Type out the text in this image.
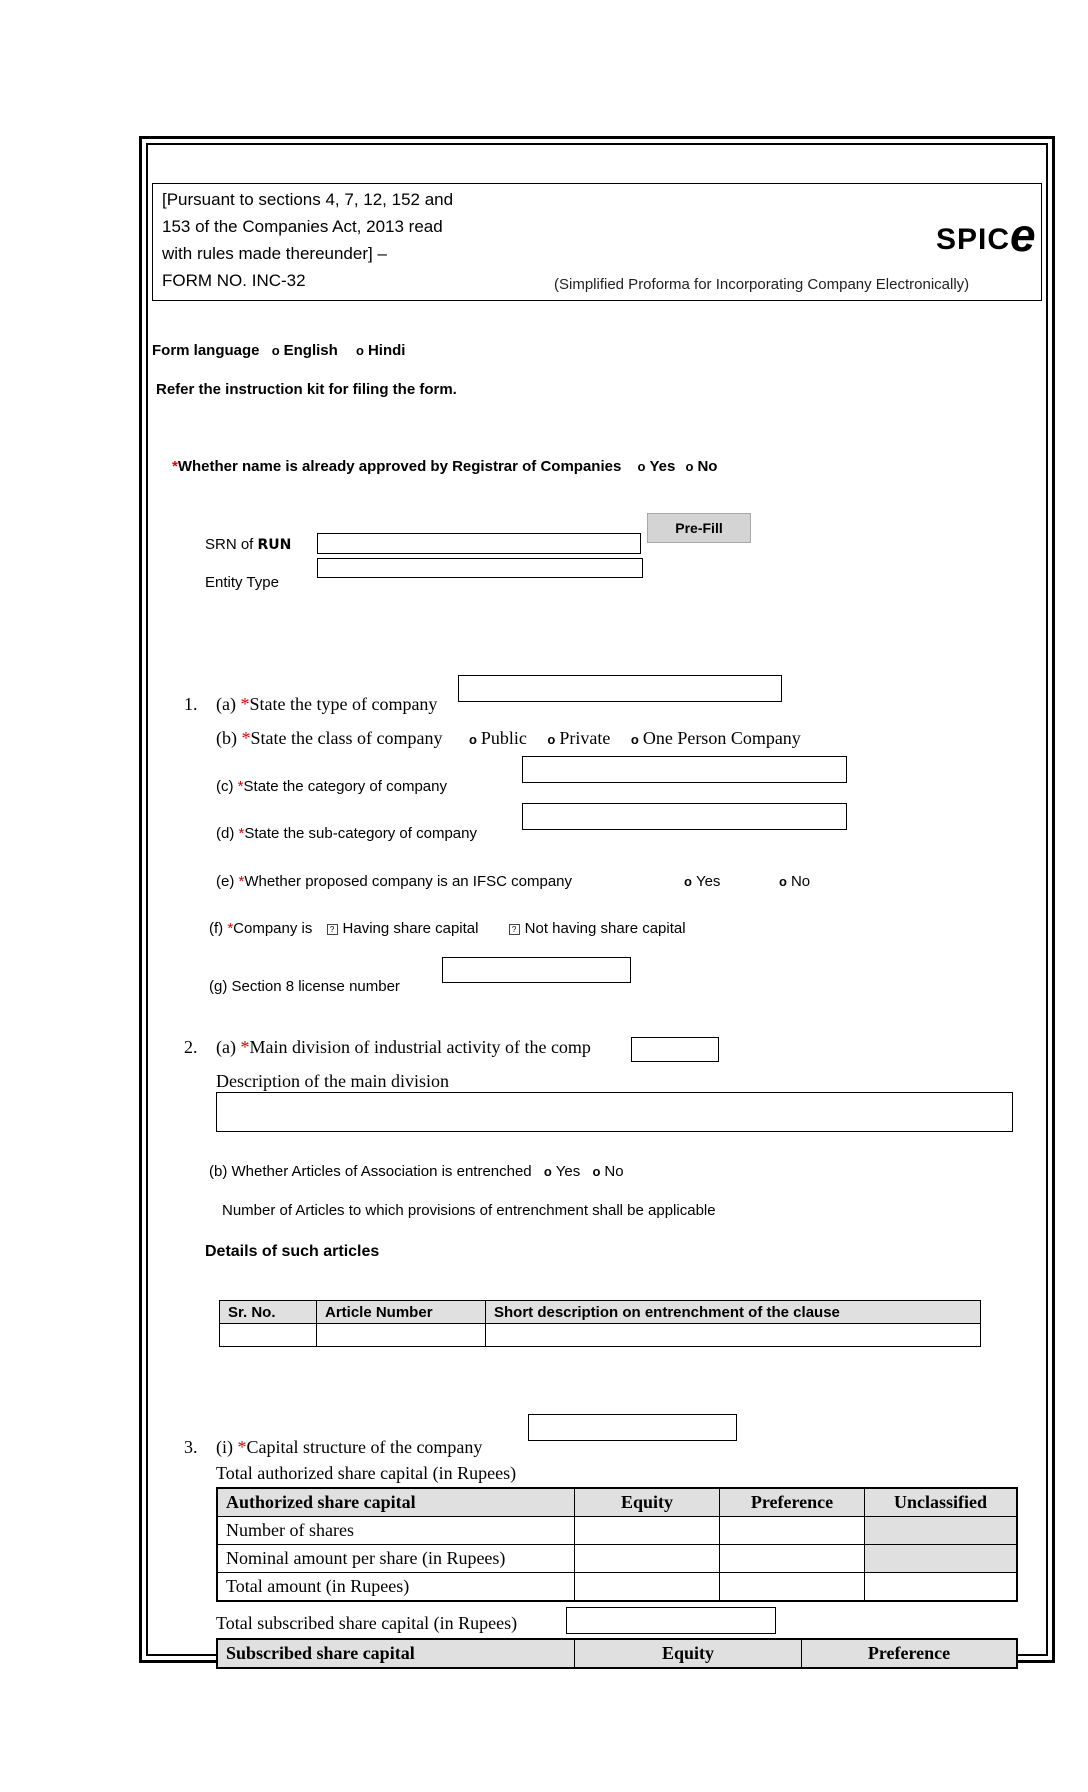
[Pursuant to sections 4, 7, 12, 152 and
153 of the Companies Act, 2013 read
with rules made thereunder] –
FORM NO. INC-32
SPICe
(Simplified Proforma for Incorporating Company Electronically)
Form language o English o Hindi
Refer the instruction kit for filing the form.
*Whether name is already approved by Registrar of Companies o Yes o No
SRN of RUN
Pre-Fill
Entity Type
1. (a) *State the type of company
(b) *State the class of company o Public o Private o One Person Company
(c) *State the category of company
(d) *State the sub-category of company
(e) *Whether proposed company is an IFSC company	o Yes	o No
(f) *Company is ? Having share capital	? Not having share capital
(g) Section 8 license number
2. (a) *Main division of industrial activity of the comp
Description of the main division
(b) Whether Articles of Association is entrenched o Yes o No
Number of Articles to which provisions of entrenchment shall be applicable
Details of such articles
Sr. No.	Article Number	Short description on entrenchment of the clause

3. (i) *Capital structure of the company
Total authorized share capital (in Rupees)
Authorized share capital	Equity	Preference	Unclassified
Number of shares			
Nominal amount per share (in Rupees)			
Total amount (in Rupees)			
Total subscribed share capital (in Rupees)
Subscribed share capital	Equity	Preference
